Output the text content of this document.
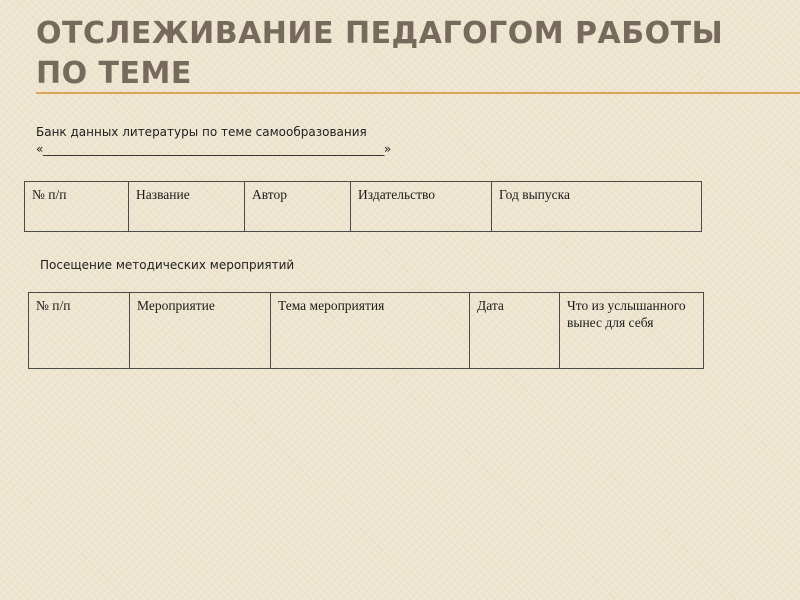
ОТСЛЕЖИВАНИЕ ПЕДАГОГОМ РАБОТЫ
ПО ТЕМЕ
Банк данных литературы по теме самообразования
«______________________________________________________________»
№ п/п	Название	Автор	Издательство	Год выпуска
Посещение методических мероприятий
№ п/п	Мероприятие	Тема мероприятия	Дата	Что из услышанного вынес для себя
